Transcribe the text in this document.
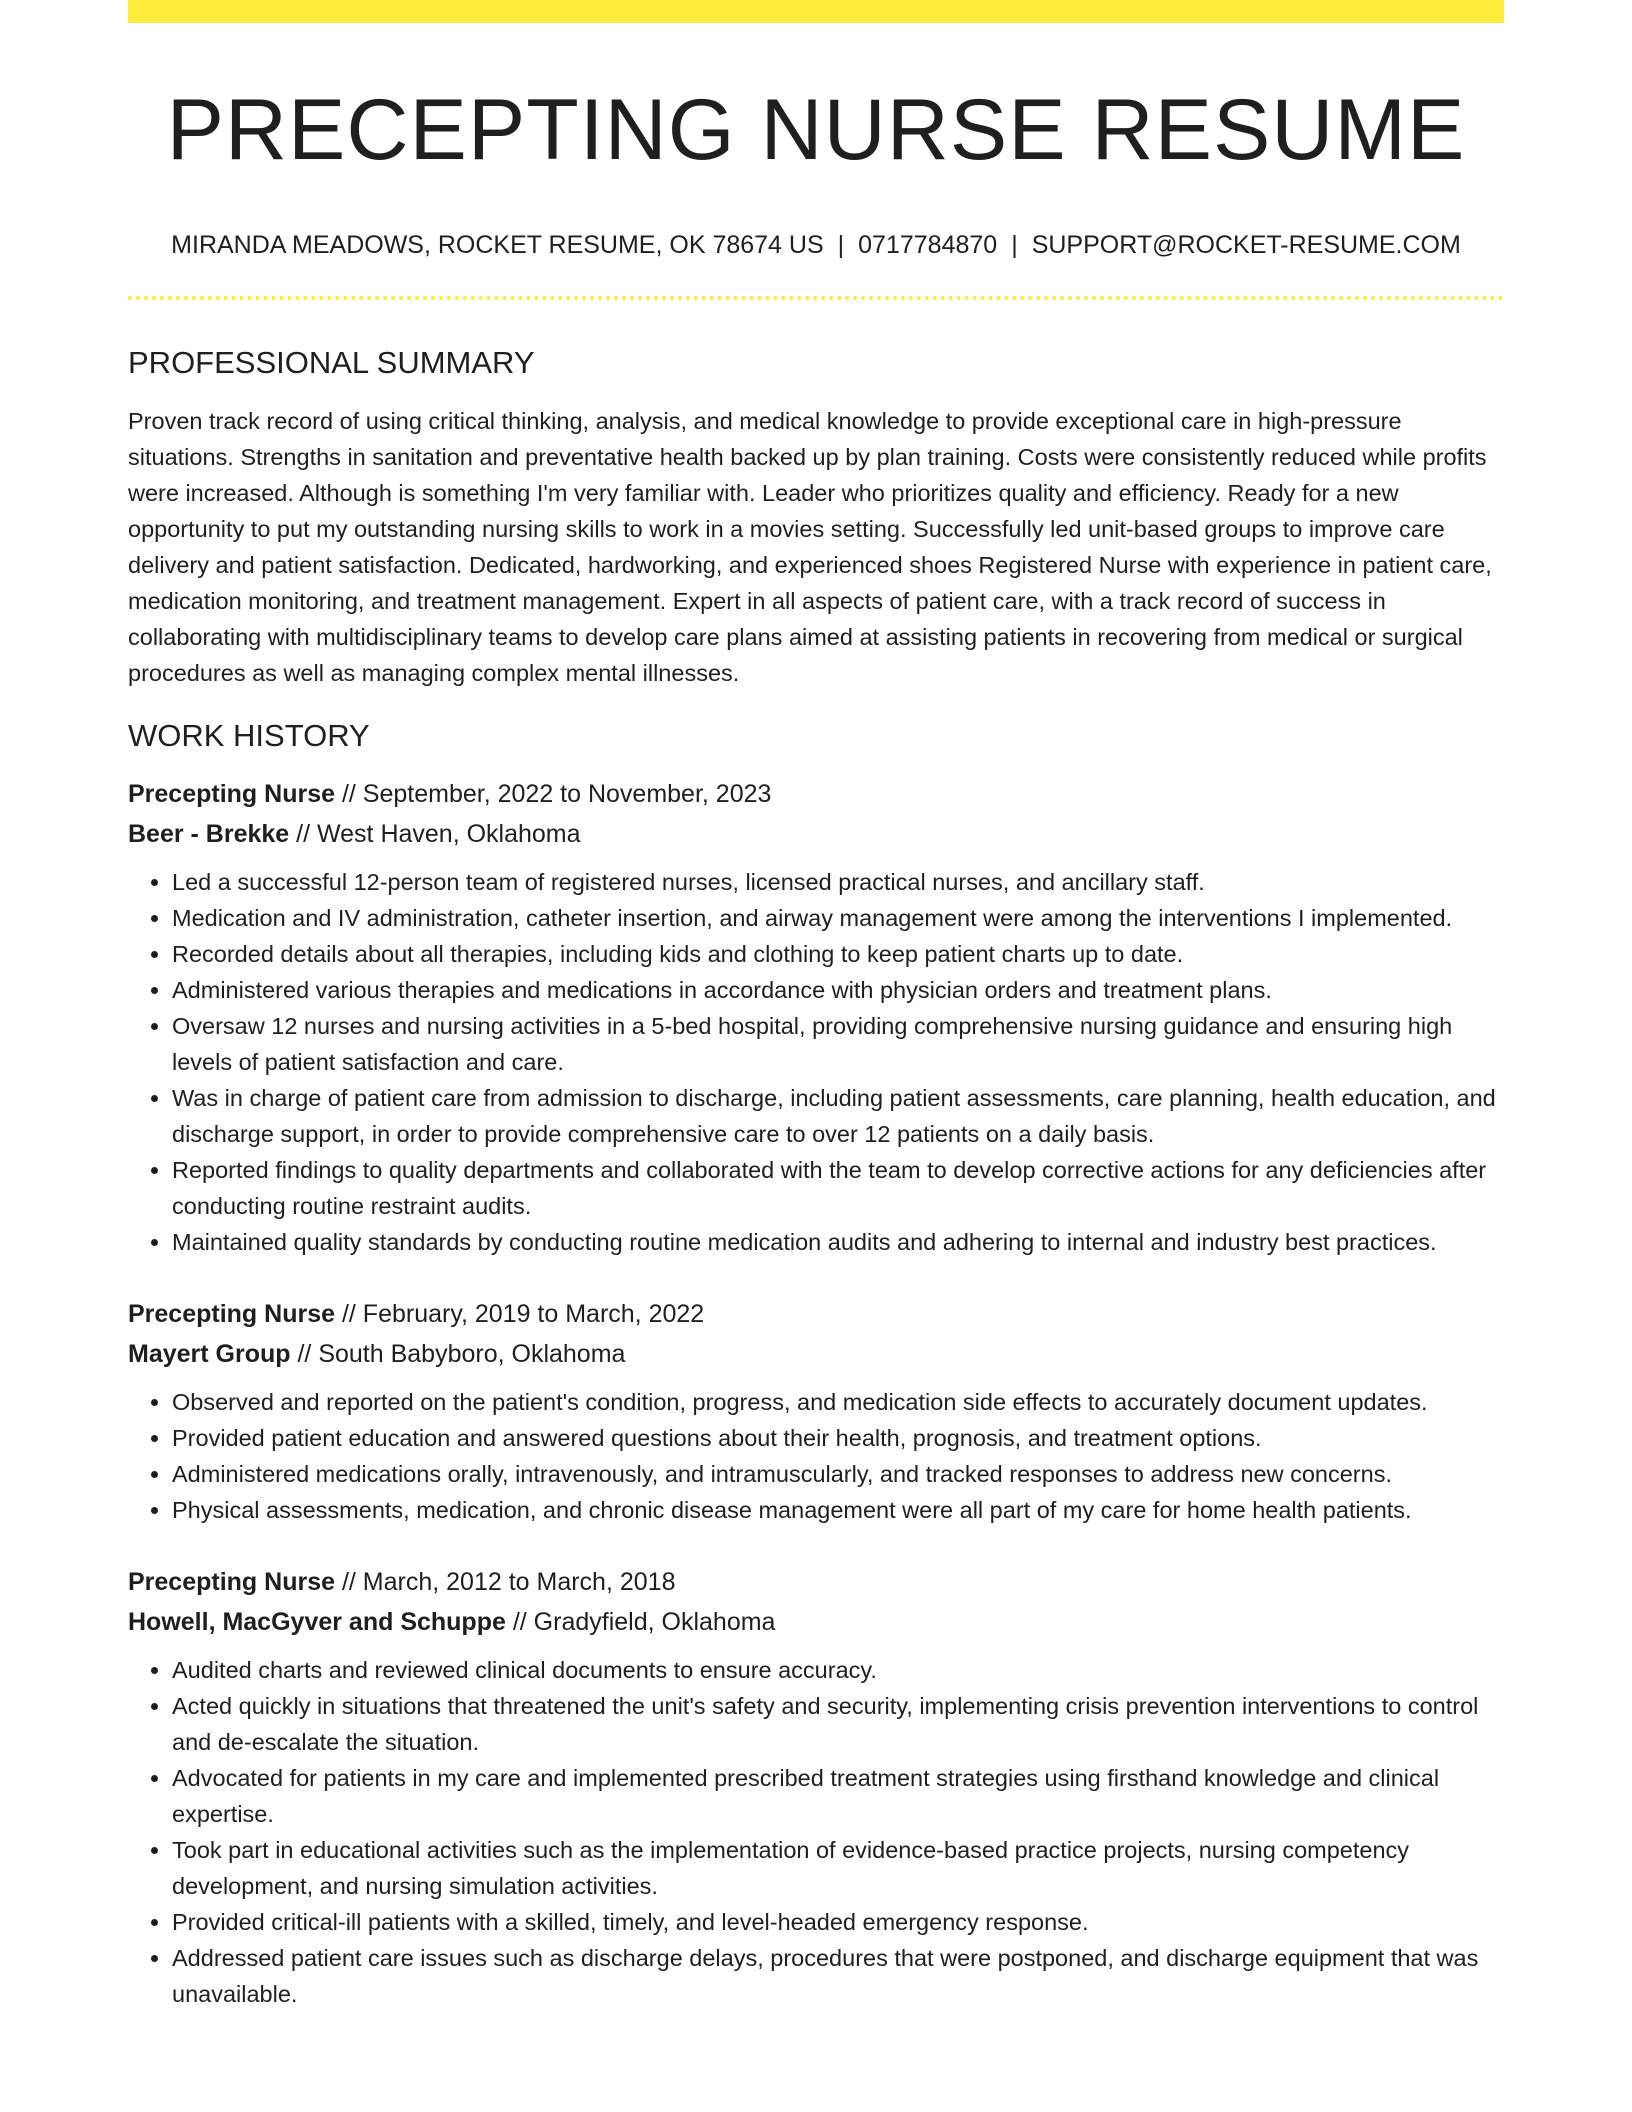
PRECEPTING NURSE RESUME
MIRANDA MEADOWS, ROCKET RESUME, OK 78674 US | 0717784870 | SUPPORT@ROCKET-RESUME.COM
PROFESSIONAL SUMMARY

Proven track record of using critical thinking, analysis, and medical knowledge to provide exceptional care in high-pressure situations. Strengths in sanitation and preventative health backed up by plan training. Costs were consistently reduced while profits were increased. Although is something I'm very familiar with. Leader who prioritizes quality and efficiency. Ready for a new opportunity to put my outstanding nursing skills to work in a movies setting. Successfully led unit-based groups to improve care delivery and patient satisfaction. Dedicated, hardworking, and experienced shoes Registered Nurse with experience in patient care, medication monitoring, and treatment management. Expert in all aspects of patient care, with a track record of success in collaborating with multidisciplinary teams to develop care plans aimed at assisting patients in recovering from medical or surgical procedures as well as managing complex mental illnesses.

WORK HISTORY
Precepting Nurse // September, 2022 to November, 2023
Beer - Brekke // West Haven, Oklahoma
• Led a successful 12-person team of registered nurses, licensed practical nurses, and ancillary staff.
• Medication and IV administration, catheter insertion, and airway management were among the interventions I implemented.
• Recorded details about all therapies, including kids and clothing to keep patient charts up to date.
• Administered various therapies and medications in accordance with physician orders and treatment plans.
• Oversaw 12 nurses and nursing activities in a 5-bed hospital, providing comprehensive nursing guidance and ensuring high levels of patient satisfaction and care.
• Was in charge of patient care from admission to discharge, including patient assessments, care planning, health education, and discharge support, in order to provide comprehensive care to over 12 patients on a daily basis.
• Reported findings to quality departments and collaborated with the team to develop corrective actions for any deficiencies after conducting routine restraint audits.
• Maintained quality standards by conducting routine medication audits and adhering to internal and industry best practices.
Precepting Nurse // February, 2019 to March, 2022
Mayert Group // South Babyboro, Oklahoma
• Observed and reported on the patient's condition, progress, and medication side effects to accurately document updates.
• Provided patient education and answered questions about their health, prognosis, and treatment options.
• Administered medications orally, intravenously, and intramuscularly, and tracked responses to address new concerns.
• Physical assessments, medication, and chronic disease management were all part of my care for home health patients.
Precepting Nurse // March, 2012 to March, 2018
Howell, MacGyver and Schuppe // Gradyfield, Oklahoma
• Audited charts and reviewed clinical documents to ensure accuracy.
• Acted quickly in situations that threatened the unit's safety and security, implementing crisis prevention interventions to control and de-escalate the situation.
• Advocated for patients in my care and implemented prescribed treatment strategies using firsthand knowledge and clinical expertise.
• Took part in educational activities such as the implementation of evidence-based practice projects, nursing competency development, and nursing simulation activities.
• Provided critical-ill patients with a skilled, timely, and level-headed emergency response.
• Addressed patient care issues such as discharge delays, procedures that were postponed, and discharge equipment that was unavailable.
